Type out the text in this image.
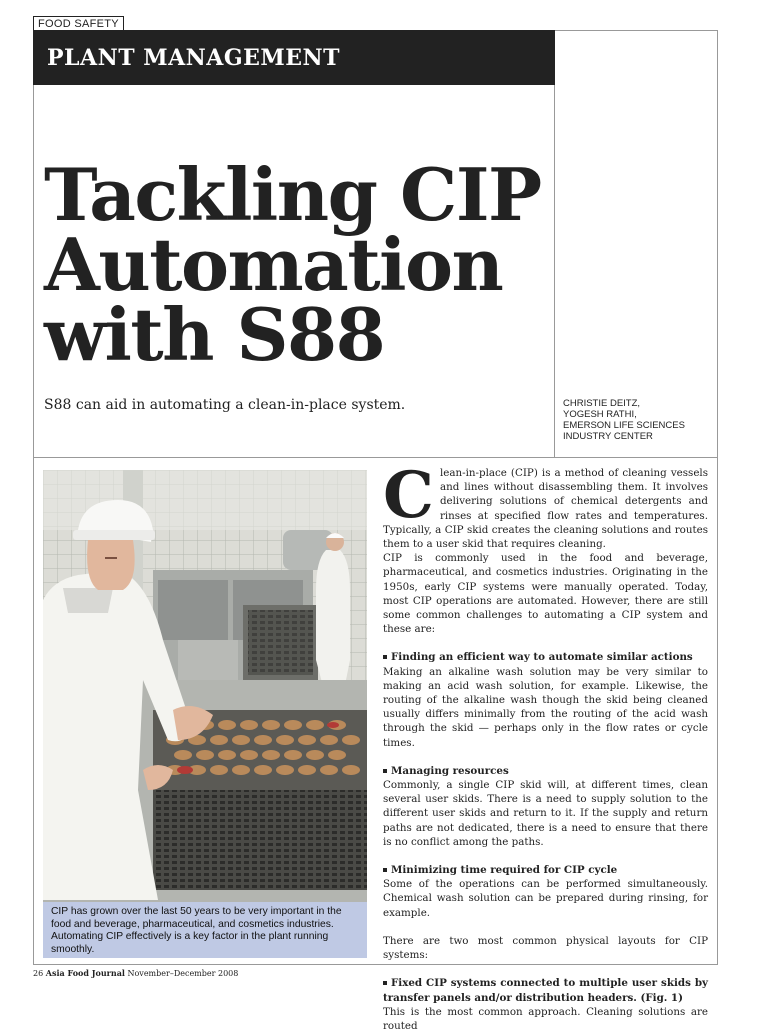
FOOD SAFETY
PLANT MANAGEMENT
Tackling CIP
Automation
with S88
S88 can aid in automating a clean-in-place system.	CHRISTIE DEITZ,
YOGESH RATHI,
EMERSON LIFE SCIENCES
INDUSTRY CENTER
CIP has grown over the last 50 years to be very important in the food and beverage, pharmaceutical, and cosmetics industries. Automating CIP effectively is a key factor in the plant running smoothly.

Clean-in-place (CIP) is a method of cleaning vessels and lines without disassembling them. It involves delivering solutions of chemical detergents and rinses at specified flow rates and temperatures. Typically, a CIP skid creates the cleaning solutions and routes them to a user skid that requires cleaning.

CIP is commonly used in the food and beverage, pharmaceutical, and cosmetics industries. Originating in the 1950s, early CIP systems were manually operated. Today, most CIP operations are automated. However, there are still some common challenges to automating a CIP system and these are:

Finding an efficient way to automate similar actions

Making an alkaline wash solution may be very similar to making an acid wash solution, for example. Likewise, the routing of the alkaline wash though the skid being cleaned usually differs minimally from the routing of the acid wash through the skid — perhaps only in the flow rates or cycle times.

Managing resources

Commonly, a single CIP skid will, at different times, clean several user skids. There is a need to supply solution to the different user skids and return to it. If the supply and return paths are not dedicated, there is a need to ensure that there is no conflict among the paths.

Minimizing time required for CIP cycle

Some of the operations can be performed simultaneously. Chemical wash solution can be prepared during rinsing, for example.

There are two most common physical layouts for CIP systems:

Fixed CIP systems connected to multiple user skids by transfer panels and/or distribution headers. (Fig. 1)

This is the most common approach. Cleaning solutions are routed

26 Asia Food Journal November–December 2008
